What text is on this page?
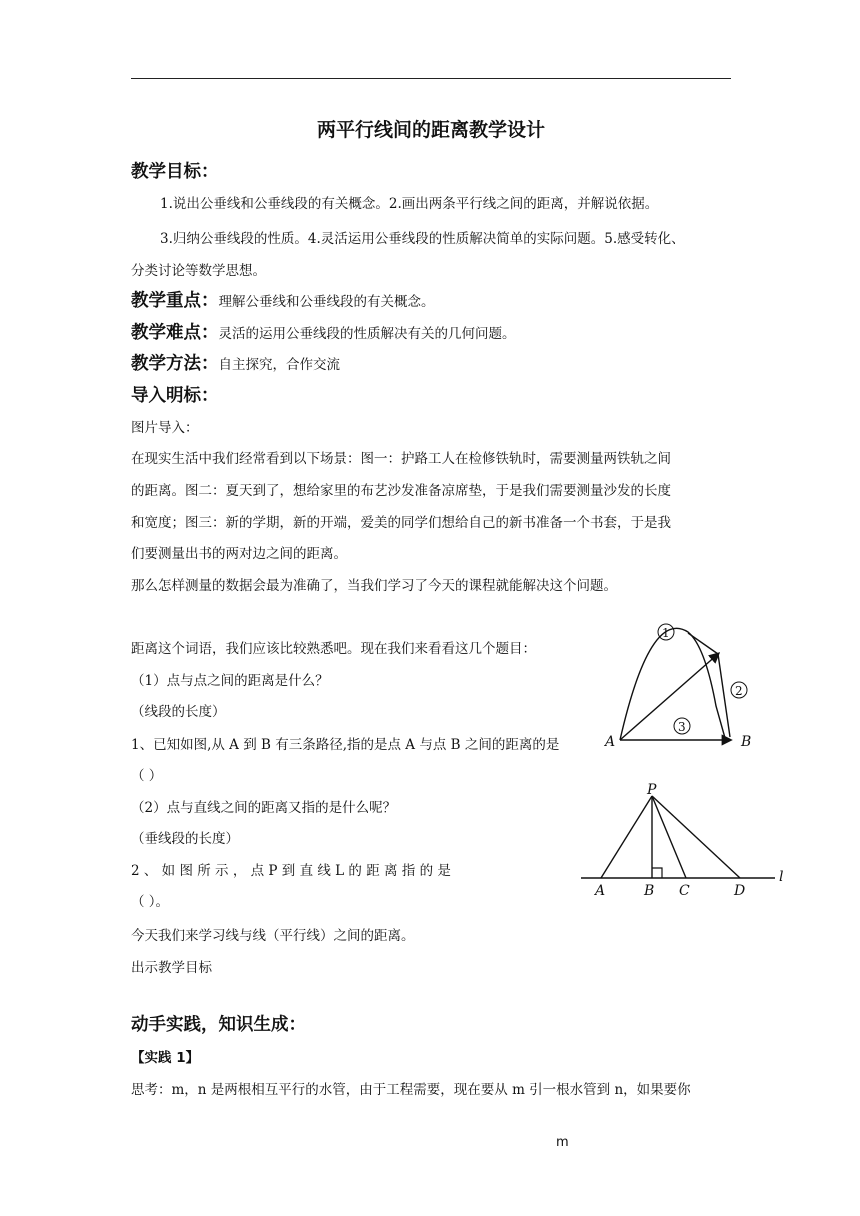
两平行线间的距离教学设计
教学目标：
1.说出公垂线和公垂线段的有关概念。2.画出两条平行线之间的距离，并解说依据。
3.归纳公垂线段的性质。4.灵活运用公垂线段的性质解决简单的实际问题。5.感受转化、
分类讨论等数学思想。
教学重点：理解公垂线和公垂线段的有关概念。
教学难点：灵活的运用公垂线段的性质解决有关的几何问题。
教学方法：自主探究，合作交流
导入明标：
图片导入：
在现实生活中我们经常看到以下场景：图一：护路工人在检修铁轨时，需要测量两铁轨之间
的距离。图二：夏天到了，想给家里的布艺沙发准备凉席垫，于是我们需要测量沙发的长度
和宽度；图三：新的学期，新的开端，爱美的同学们想给自己的新书准备一个书套，于是我
们要测量出书的两对边之间的距离。
那么怎样测量的数据会最为准确了，当我们学习了今天的课程就能解决这个问题。
距离这个词语，我们应该比较熟悉吧。现在我们来看看这几个题目：
（1）点与点之间的距离是什么？
（线段的长度）
1、已知如图,从 A 到 B 有三条路径,指的是点 A 与点 B 之间的距离的是
（ ）
（2）点与直线之间的距离又指的是什么呢？
（垂线段的长度）
2 、 如 图 所 示 ， 点 P 到 直 线 L 的 距 离 指 的 是
（ ）。
今天我们来学习线与线（平行线）之间的距离。
出示教学目标
动手实践，知识生成：
【实践 1】
思考：m，n 是两根相互平行的水管，由于工程需要，现在要从 m 引一根水管到 n，如果要你
m
1
2
3
A	B
P
A	B C	D
l
